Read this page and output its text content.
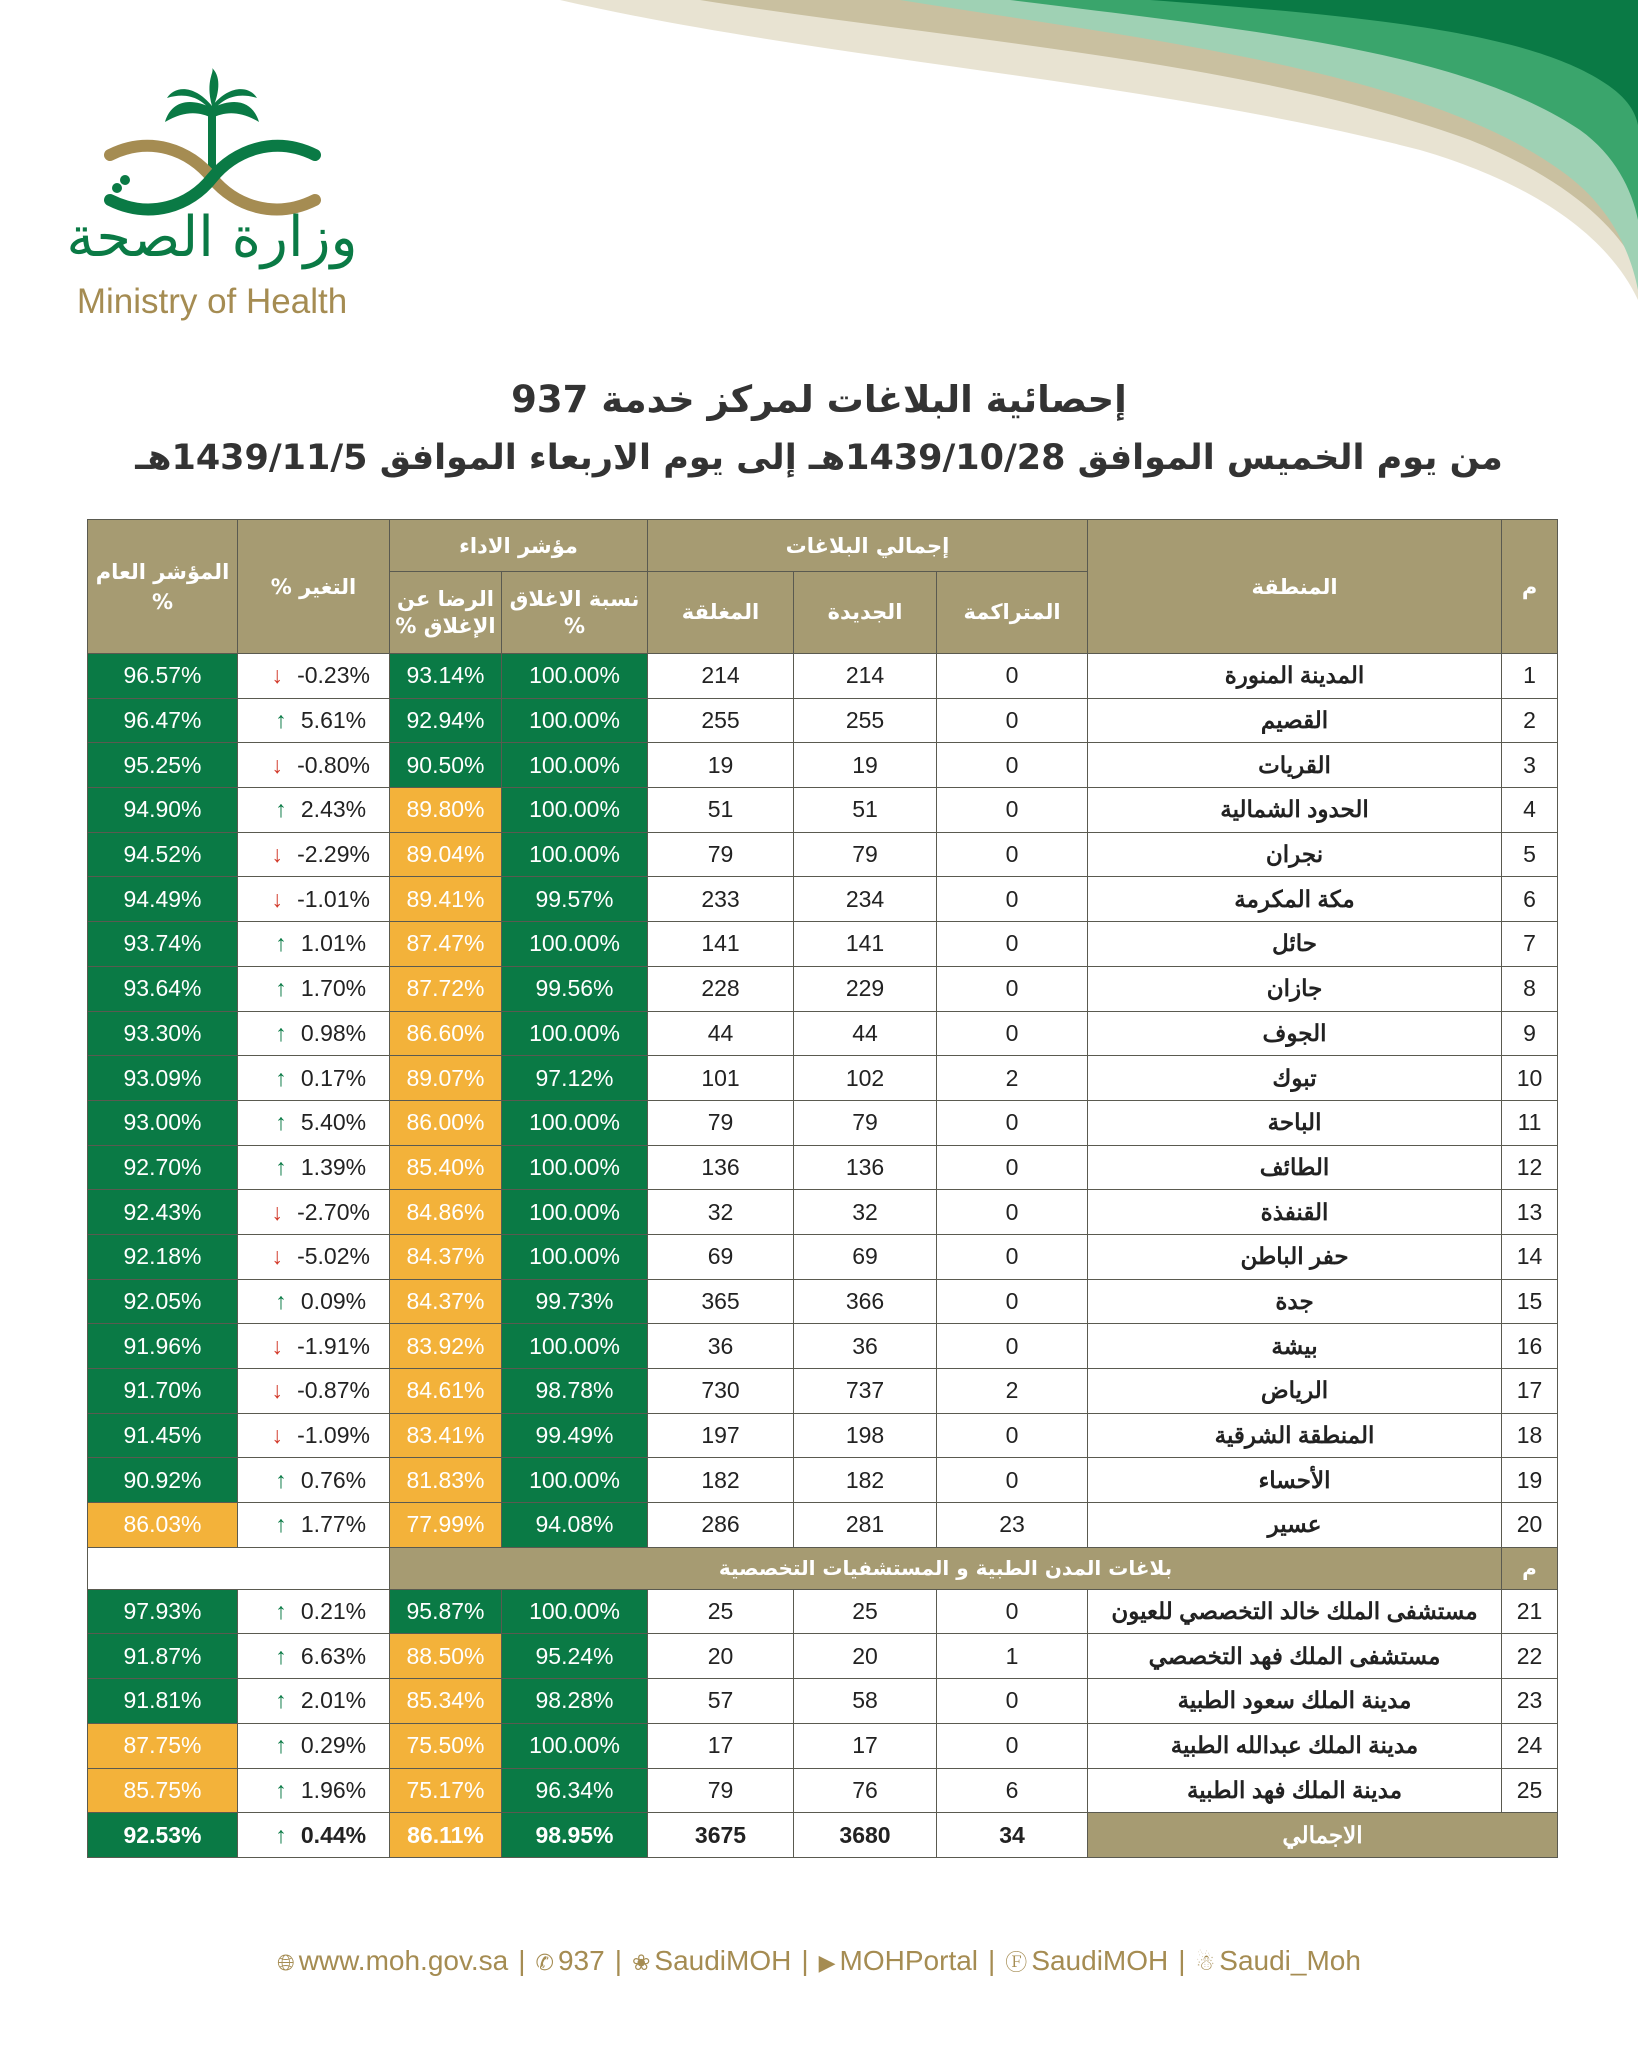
وزارة الصحة
Ministry of Health
إحصائية البلاغات لمركز خدمة 937
من يوم الخميس الموافق 1439/10/28هـ إلى يوم الاربعاء الموافق 1439/11/5هـ
م	المنطقة	إجمالي البلاغات			مؤشر الاداء		التغير %	المؤشر العام %
		المتراكمة	الجديدة	المغلقة	نسبة الاغلاق %	الرضا عن الإغلاق %		
1	المدينة المنورة	0	214	214	100.00%	93.14%	↓ -0.23%	96.57%
2	القصيم	0	255	255	100.00%	92.94%	↑ 5.61%	96.47%
3	القريات	0	19	19	100.00%	90.50%	↓ -0.80%	95.25%
4	الحدود الشمالية	0	51	51	100.00%	89.80%	↑ 2.43%	94.90%
5	نجران	0	79	79	100.00%	89.04%	↓ -2.29%	94.52%
6	مكة المكرمة	0	234	233	99.57%	89.41%	↓ -1.01%	94.49%
7	حائل	0	141	141	100.00%	87.47%	↑ 1.01%	93.74%
8	جازان	0	229	228	99.56%	87.72%	↑ 1.70%	93.64%
9	الجوف	0	44	44	100.00%	86.60%	↑ 0.98%	93.30%
10	تبوك	2	102	101	97.12%	89.07%	↑ 0.17%	93.09%
11	الباحة	0	79	79	100.00%	86.00%	↑ 5.40%	93.00%
12	الطائف	0	136	136	100.00%	85.40%	↑ 1.39%	92.70%
13	القنفذة	0	32	32	100.00%	84.86%	↓ -2.70%	92.43%
14	حفر الباطن	0	69	69	100.00%	84.37%	↓ -5.02%	92.18%
15	جدة	0	366	365	99.73%	84.37%	↑ 0.09%	92.05%
16	بيشة	0	36	36	100.00%	83.92%	↓ -1.91%	91.96%
17	الرياض	2	737	730	98.78%	84.61%	↓ -0.87%	91.70%
18	المنطقة الشرقية	0	198	197	99.49%	83.41%	↓ -1.09%	91.45%
19	الأحساء	0	182	182	100.00%	81.83%	↑ 0.76%	90.92%
20	عسير	23	281	286	94.08%	77.99%	↑ 1.77%	86.03%
م	بلاغات المدن الطبية و المستشفيات التخصصية							
21	مستشفى الملك خالد التخصصي للعيون	0	25	25	100.00%	95.87%	↑ 0.21%	97.93%
22	مستشفى الملك فهد التخصصي	1	20	20	95.24%	88.50%	↑ 6.63%	91.87%
23	مدينة الملك سعود الطبية	0	58	57	98.28%	85.34%	↑ 2.01%	91.81%
24	مدينة الملك عبدالله الطبية	0	17	17	100.00%	75.50%	↑ 0.29%	87.75%
25	مدينة الملك فهد الطبية	6	76	79	96.34%	75.17%	↑ 1.96%	85.75%
الاجمالي		34	3680	3675	98.95%	86.11%	↑ 0.44%	92.53%
🌐︎ www.moh.gov.sa | ✆ 937 | ❀ SaudiMOH | ▶ MOHPortal | Ⓕ SaudiMOH | ☃ Saudi_Moh
